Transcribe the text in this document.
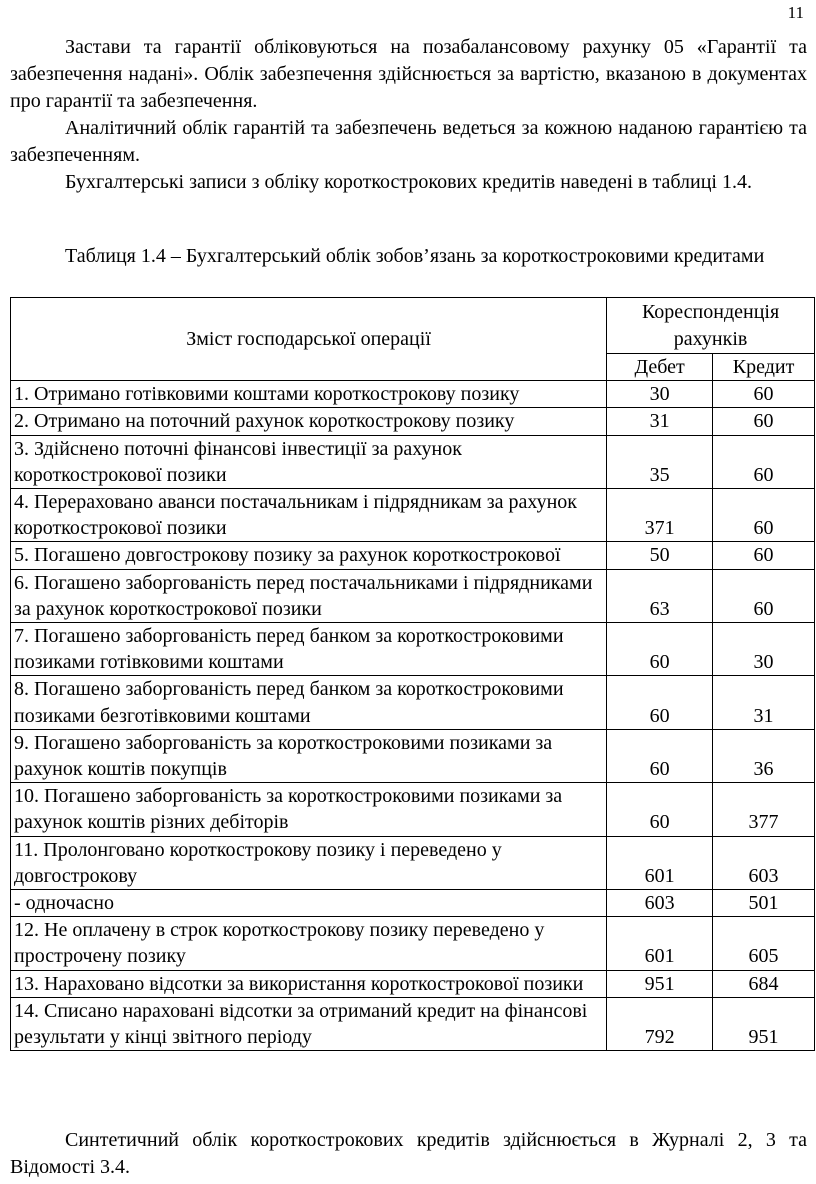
11

Застави та гарантії обліковуються на позабалансовому рахунку 05 «Гарантії та забезпечення надані». Облік забезпечення здійснюється за вартістю, вказаною в документах про гарантії та забезпечення.

Аналітичний облік гарантій та забезпечень ведеться за кожною наданою гарантією та забезпеченням.

Бухгалтерські записи з обліку короткострокових кредитів наведені в таблиці 1.4.

Таблиця 1.4 – Бухгалтерський облік зобов’язань за короткостроковими кредитами

Зміст господарської операції	Кореспонденція рахунків	
	Дебет	Кредит
1. Отримано готівковими коштами короткострокову позику	30	60
2. Отримано на поточний рахунок короткострокову позику	31	60
3. Здійснено поточні фінансові інвестиції за рахунок короткострокової позики	35	60
4. Перераховано аванси постачальникам і підрядникам за рахунок короткострокової позики	371	60
5. Погашено довгострокову позику за рахунок короткострокової	50	60
6. Погашено заборгованість перед постачальниками і підрядниками за рахунок короткострокової позики	63	60
7. Погашено заборгованість перед банком за короткостроковими позиками готівковими коштами	60	30
8. Погашено заборгованість перед банком за короткостроковими позиками безготівковими коштами	60	31
9. Погашено заборгованість за короткостроковими позиками за рахунок коштів покупців	60	36
10. Погашено заборгованість за короткостроковими позиками за рахунок коштів різних дебіторів	60	377
11. Пролонговано короткострокову позику і переведено у довгострокову	601	603
- одночасно	603	501
12. Не оплачену в строк короткострокову позику переведено у прострочену позику	601	605
13. Нараховано відсотки за використання короткострокової позики	951	684
14. Списано нараховані відсотки за отриманий кредит на фінансові результати у кінці звітного періоду	792	951

Синтетичний облік короткострокових кредитів здійснюється в Журналі 2, 3 та Відомості 3.4.
